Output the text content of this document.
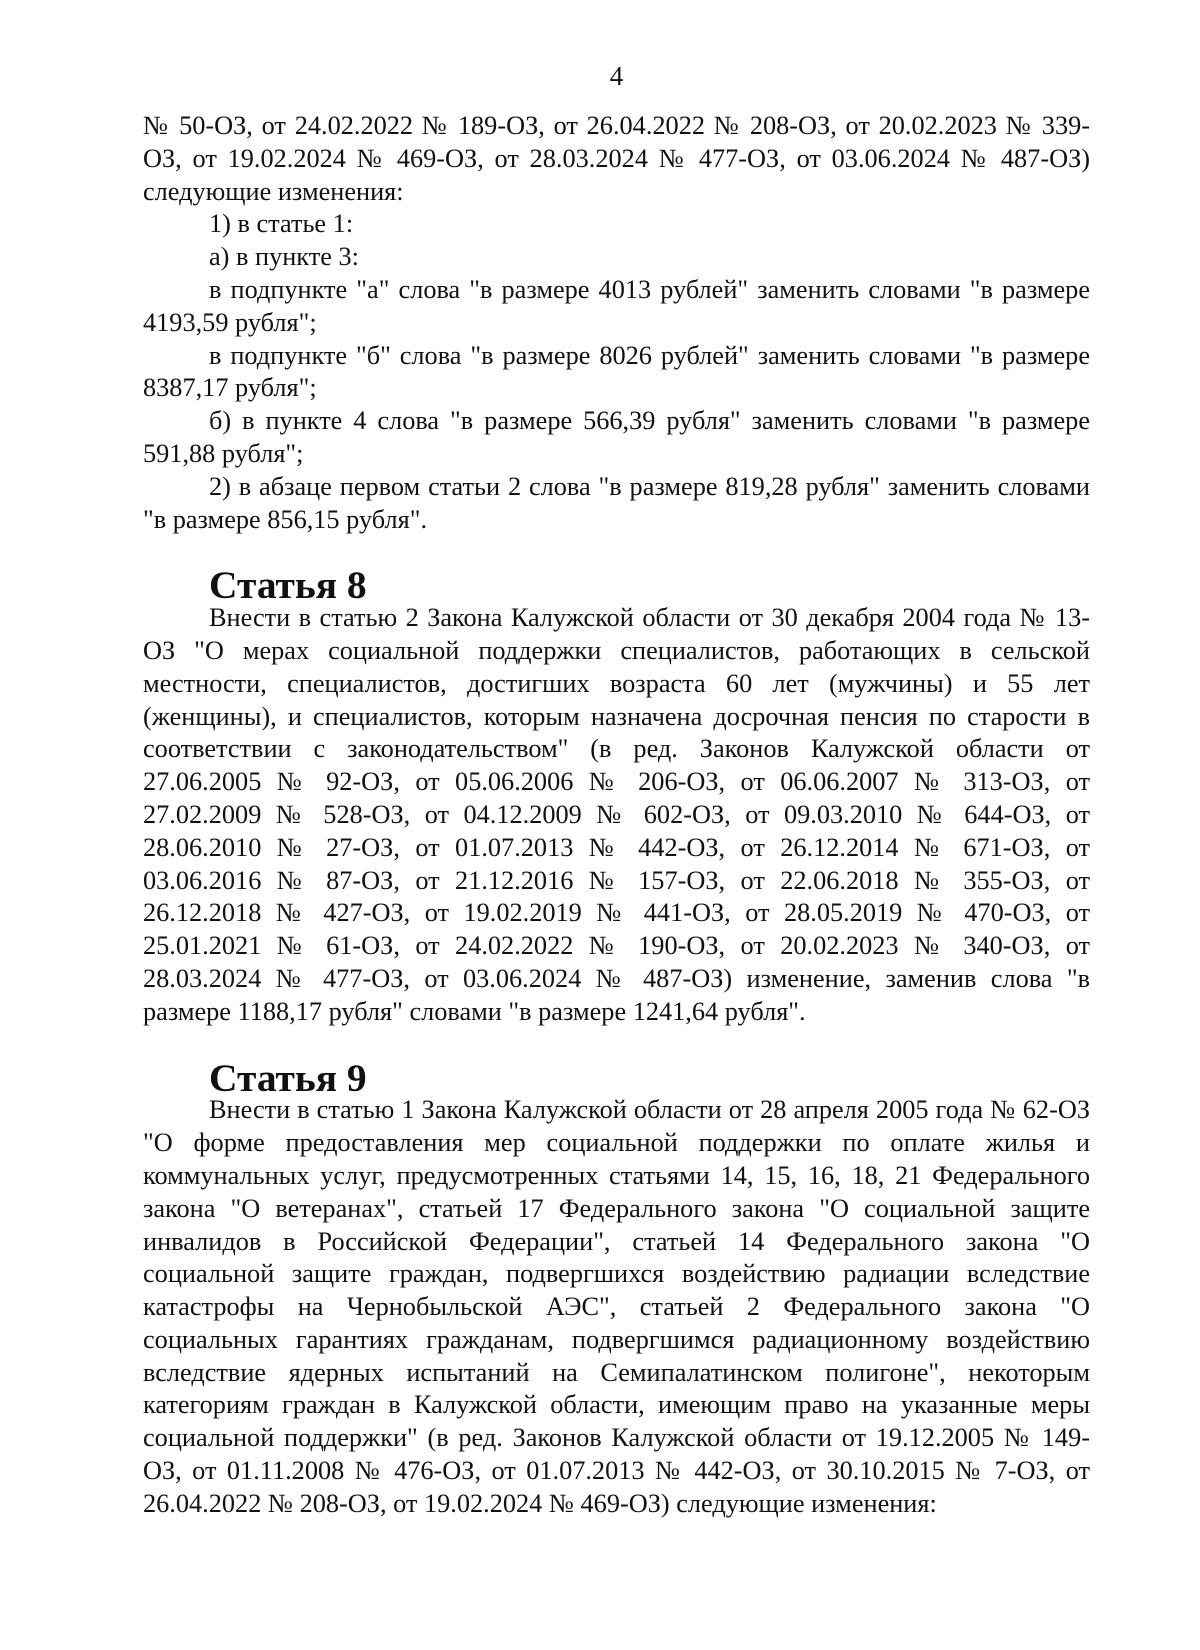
4

№ 50-ОЗ, от 24.02.2022 № 189-ОЗ, от 26.04.2022 № 208-ОЗ, от 20.02.2023 № 339-ОЗ, от 19.02.2024 № 469-ОЗ, от 28.03.2024 № 477-ОЗ, от 03.06.2024 № 487-ОЗ) следующие изменения:

1) в статье 1:

а) в пункте 3:

в подпункте "а" слова "в размере 4013 рублей" заменить словами "в размере 4193,59 рубля";

в подпункте "б" слова "в размере 8026 рублей" заменить словами "в размере 8387,17 рубля";

б) в пункте 4 слова "в размере 566,39 рубля" заменить словами "в размере 591,88 рубля";

2) в абзаце первом статьи 2 слова "в размере 819,28 рубля" заменить словами "в размере 856,15 рубля".

Статья 8

Внести в статью 2 Закона Калужской области от 30 декабря 2004 года № 13-ОЗ "О мерах социальной поддержки специалистов, работающих в сельской местности, специалистов, достигших возраста 60 лет (мужчины) и 55 лет (женщины), и специалистов, которым назначена досрочная пенсия по старости в соответствии с законодательством" (в ред. Законов Калужской области от 27.06.2005 № 92-ОЗ, от 05.06.2006 № 206-ОЗ, от 06.06.2007 № 313-ОЗ, от 27.02.2009 № 528-ОЗ, от 04.12.2009 № 602-ОЗ, от 09.03.2010 № 644-ОЗ, от 28.06.2010 № 27-ОЗ, от 01.07.2013 № 442-ОЗ, от 26.12.2014 № 671-ОЗ, от 03.06.2016 № 87-ОЗ, от 21.12.2016 № 157-ОЗ, от 22.06.2018 № 355-ОЗ, от 26.12.2018 № 427-ОЗ, от 19.02.2019 № 441-ОЗ, от 28.05.2019 № 470-ОЗ, от 25.01.2021 № 61-ОЗ, от 24.02.2022 № 190-ОЗ, от 20.02.2023 № 340-ОЗ, от 28.03.2024 № 477-ОЗ, от 03.06.2024 № 487-ОЗ) изменение, заменив слова "в размере 1188,17 рубля" словами "в размере 1241,64 рубля".

Статья 9

Внести в статью 1 Закона Калужской области от 28 апреля 2005 года № 62-ОЗ "О форме предоставления мер социальной поддержки по оплате жилья и коммунальных услуг, предусмотренных статьями 14, 15, 16, 18, 21 Федерального закона "О ветеранах", статьей 17 Федерального закона "О социальной защите инвалидов в Российской Федерации", статьей 14 Федерального закона "О социальной защите граждан, подвергшихся воздействию радиации вследствие катастрофы на Чернобыльской АЭС", статьей 2 Федерального закона "О социальных гарантиях гражданам, подвергшимся радиационному воздействию вследствие ядерных испытаний на Семипалатинском полигоне", некоторым категориям граждан в Калужской области, имеющим право на указанные меры социальной поддержки" (в ред. Законов Калужской области от 19.12.2005 № 149-ОЗ, от 01.11.2008 № 476-ОЗ, от 01.07.2013 № 442-ОЗ, от 30.10.2015 № 7-ОЗ, от 26.04.2022 № 208-ОЗ, от 19.02.2024 № 469-ОЗ) следующие изменения:
